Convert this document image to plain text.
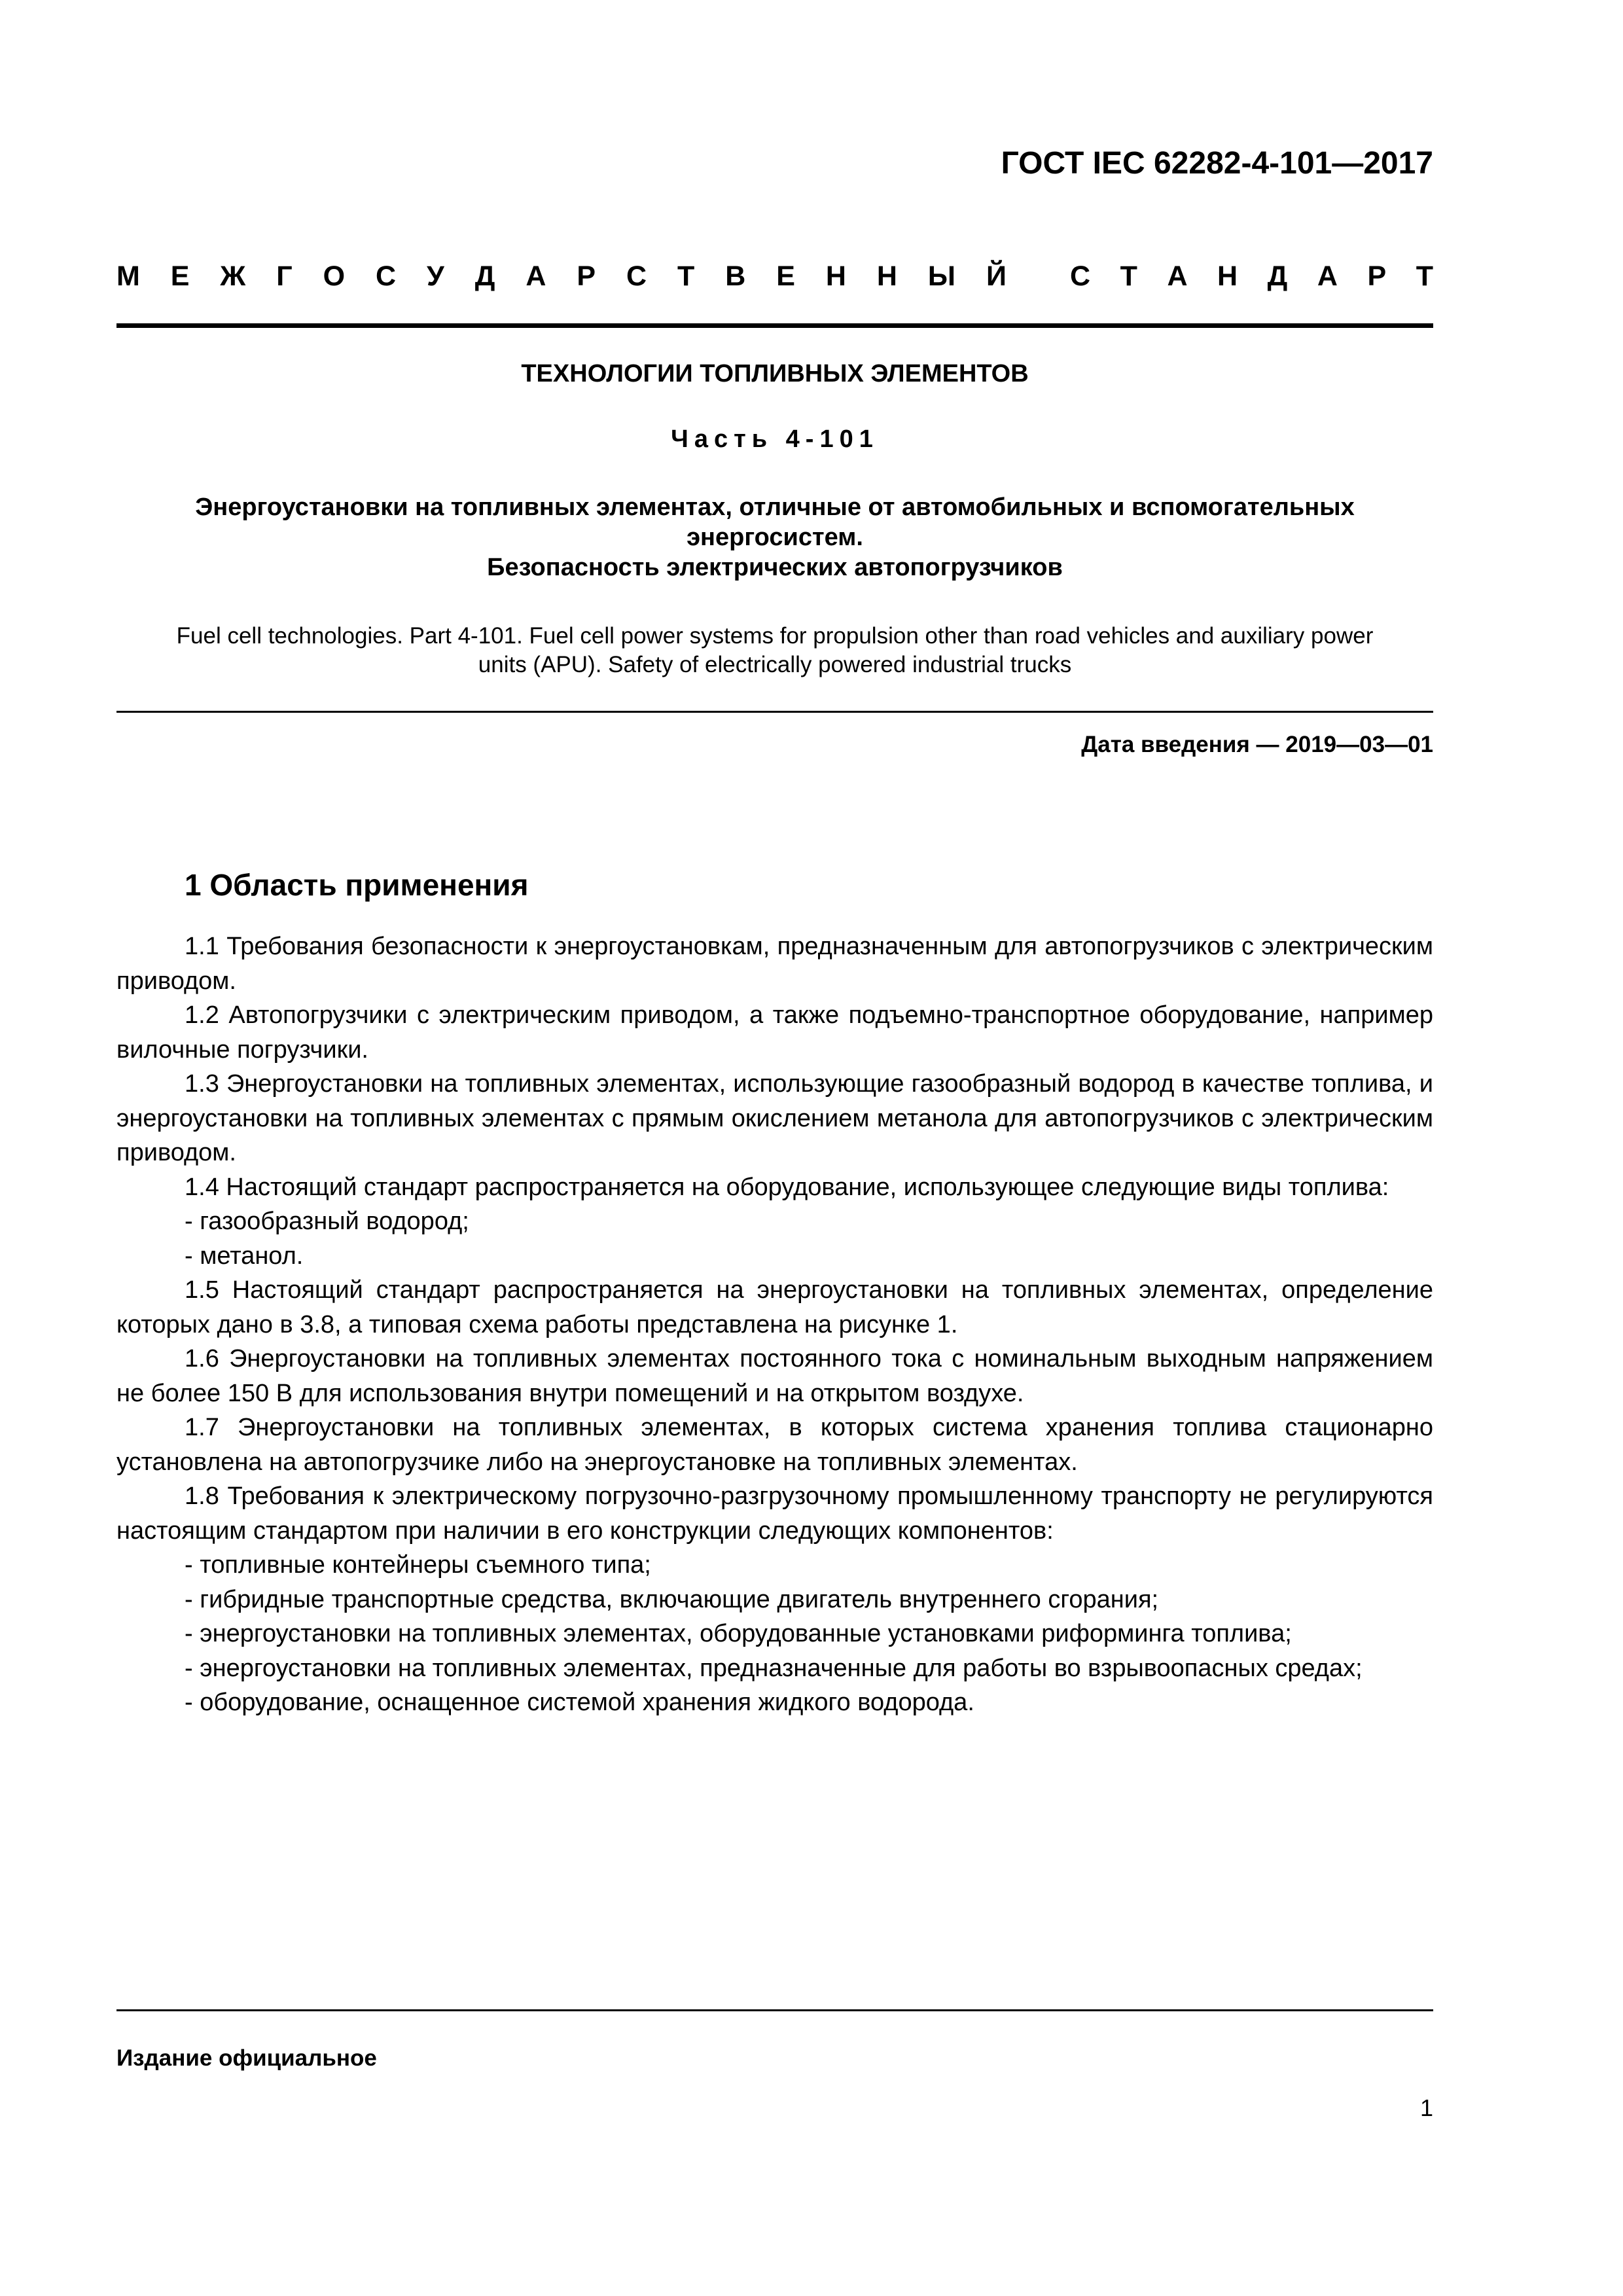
ГОСТ IEC 62282-4-101—2017
М Е Ж Г О С У Д А Р С Т В Е Н Н Ы Й С Т А Н Д А Р Т
ТЕХНОЛОГИИ ТОПЛИВНЫХ ЭЛЕМЕНТОВ
Часть 4-101
Энергоустановки на топливных элементах, отличные от автомобильных и вспомогательных
энергосистем.
Безопасность электрических автопогрузчиков
Fuel cell technologies. Part 4-101. Fuel cell power systems for propulsion other than road vehicles and auxiliary power
units (APU). Safety of electrically powered industrial trucks
Дата введения — 2019—03—01
1 Область применения

1.1 Требования безопасности к энергоустановкам, предназначенным для автопогрузчиков с электрическим приводом.

1.2 Автопогрузчики с электрическим приводом, а также подъемно-транспортное оборудование, например вилочные погрузчики.

1.3 Энергоустановки на топливных элементах, использующие газообразный водород в качестве топлива, и энергоустановки на топливных элементах с прямым окислением метанола для автопогрузчиков с электрическим приводом.

1.4 Настоящий стандарт распространяется на оборудование, использующее следующие виды топлива:

- газообразный водород;

- метанол.

1.5 Настоящий стандарт распространяется на энергоустановки на топливных элементах, определение которых дано в 3.8, а типовая схема работы представлена на рисунке 1.

1.6 Энергоустановки на топливных элементах постоянного тока с номинальным выходным напряжением не более 150 В для использования внутри помещений и на открытом воздухе.

1.7 Энергоустановки на топливных элементах, в которых система хранения топлива стационарно установлена на автопогрузчике либо на энергоустановке на топливных элементах.

1.8 Требования к электрическому погрузочно-разгрузочному промышленному транспорту не регулируются настоящим стандартом при наличии в его конструкции следующих компонентов:

- топливные контейнеры съемного типа;

- гибридные транспортные средства, включающие двигатель внутреннего сгорания;

- энергоустановки на топливных элементах, оборудованные установками риформинга топлива;

- энергоустановки на топливных элементах, предназначенные для работы во взрывоопасных средах;

- оборудование, оснащенное системой хранения жидкого водорода.

Издание официальное
1
